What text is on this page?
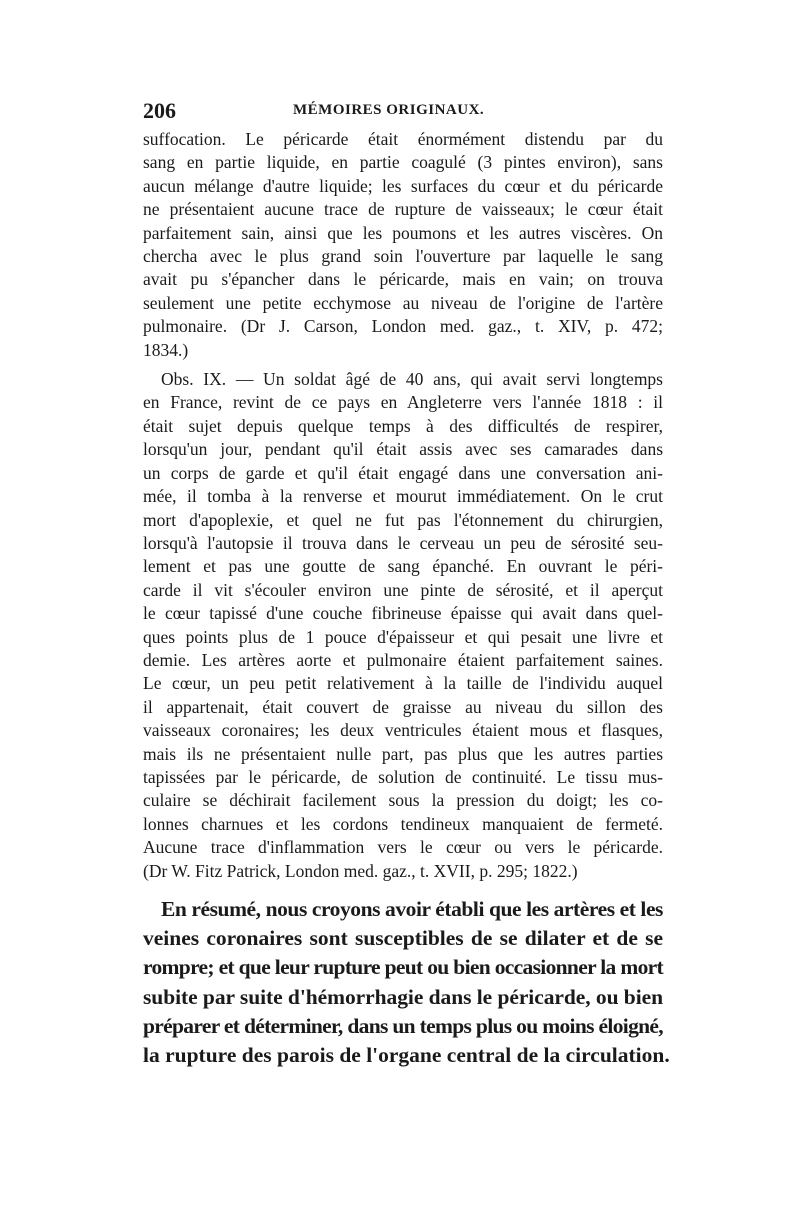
206	MÉMOIRES ORIGINAUX.

suffocation. Le péricarde était énormément distendu par du
sang en partie liquide, en partie coagulé (3 pintes environ), sans
aucun mélange d'autre liquide; les surfaces du cœur et du péricarde
ne présentaient aucune trace de rupture de vaisseaux; le cœur était
parfaitement sain, ainsi que les poumons et les autres viscères. On
chercha avec le plus grand soin l'ouverture par laquelle le sang
avait pu s'épancher dans le péricarde, mais en vain; on trouva
seulement une petite ecchymose au niveau de l'origine de l'artère
pulmonaire. (Dr J. Carson, London med. gaz., t. XIV, p. 472;
1834.)

Obs. IX. — Un soldat âgé de 40 ans, qui avait servi longtemps
en France, revint de ce pays en Angleterre vers l'année 1818 : il
était sujet depuis quelque temps à des difficultés de respirer,
lorsqu'un jour, pendant qu'il était assis avec ses camarades dans
un corps de garde et qu'il était engagé dans une conversation ani-
mée, il tomba à la renverse et mourut immédiatement. On le crut
mort d'apoplexie, et quel ne fut pas l'étonnement du chirurgien,
lorsqu'à l'autopsie il trouva dans le cerveau un peu de sérosité seu-
lement et pas une goutte de sang épanché. En ouvrant le péri-
carde il vit s'écouler environ une pinte de sérosité, et il aperçut
le cœur tapissé d'une couche fibrineuse épaisse qui avait dans quel-
ques points plus de 1 pouce d'épaisseur et qui pesait une livre et
demie. Les artères aorte et pulmonaire étaient parfaitement saines.
Le cœur, un peu petit relativement à la taille de l'individu auquel
il appartenait, était couvert de graisse au niveau du sillon des
vaisseaux coronaires; les deux ventricules étaient mous et flasques,
mais ils ne présentaient nulle part, pas plus que les autres parties
tapissées par le péricarde, de solution de continuité. Le tissu mus-
culaire se déchirait facilement sous la pression du doigt; les co-
lonnes charnues et les cordons tendineux manquaient de fermeté.
Aucune trace d'inflammation vers le cœur ou vers le péricarde.
(Dr W. Fitz Patrick, London med. gaz., t. XVII, p. 295; 1822.)

En résumé, nous croyons avoir établi que les artères et les
veines coronaires sont susceptibles de se dilater et de se
rompre; et que leur rupture peut ou bien occasionner la mort
subite par suite d'hémorrhagie dans le péricarde, ou bien
préparer et déterminer, dans un temps plus ou moins éloigné,
la rupture des parois de l'organe central de la circulation.
